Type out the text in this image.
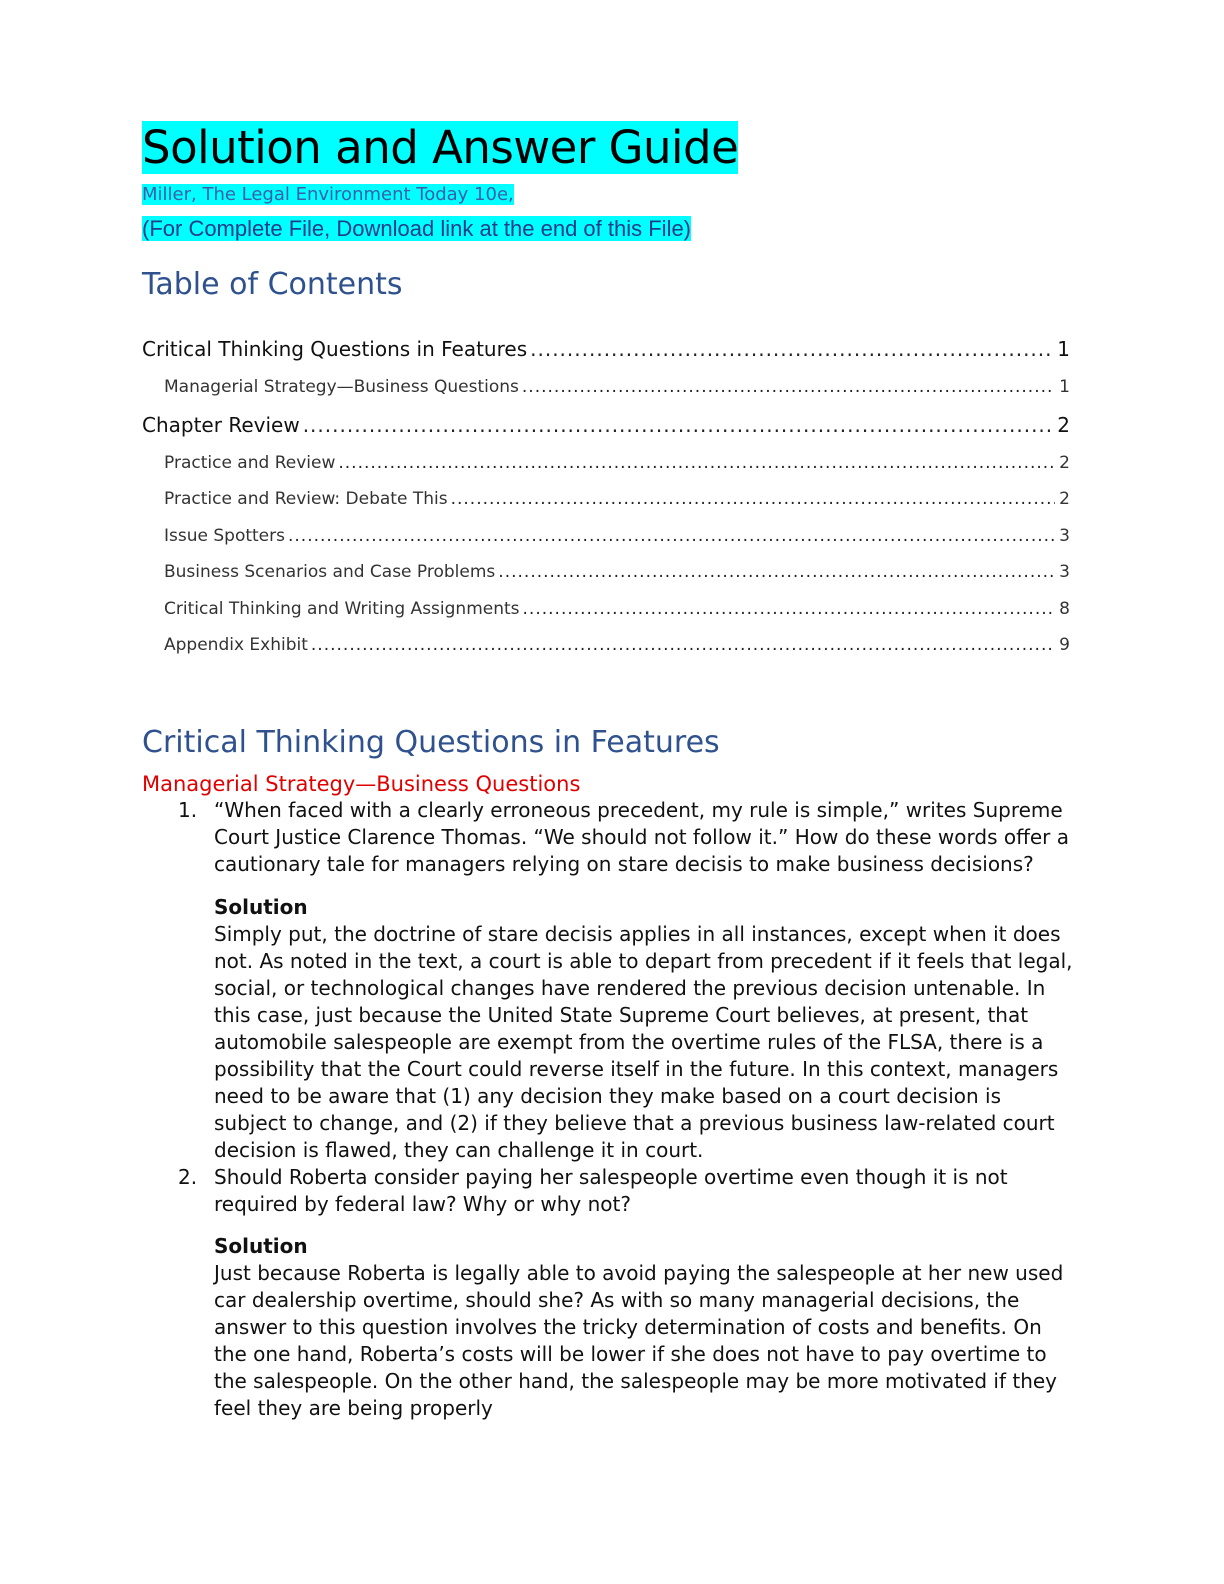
Solution and Answer Guide
Miller, The Legal Environment Today 10e,
(For Complete File, Download link at the end of this File)
Table of Contents
Critical Thinking Questions in Features .....	1
Managerial Strategy—Business Questions .....	1
Chapter Review .....	2
Practice and Review .....	2
Practice and Review: Debate This .....	2
Issue Spotters .....	3
Business Scenarios and Case Problems .....	3
Critical Thinking and Writing Assignments .....	8
Appendix Exhibit .....	9
Critical Thinking Questions in Features
Managerial Strategy—Business Questions
1. “When faced with a clearly erroneous precedent, my rule is simple,” writes Supreme Court Justice Clarence Thomas. “We should not follow it.” How do these words offer a cautionary tale for managers relying on stare decisis to make business decisions?
Solution
Simply put, the doctrine of stare decisis applies in all instances, except when it does not. As noted in the text, a court is able to depart from precedent if it feels that legal, social, or technological changes have rendered the previous decision untenable. In this case, just because the United State Supreme Court believes, at present, that automobile salespeople are exempt from the overtime rules of the FLSA, there is a possibility that the Court could reverse itself in the future. In this context, managers need to be aware that (1) any decision they make based on a court decision is subject to change, and (2) if they believe that a previous business law-related court decision is flawed, they can challenge it in court.
2. Should Roberta consider paying her salespeople overtime even though it is not required by federal law? Why or why not?
Solution
Just because Roberta is legally able to avoid paying the salespeople at her new used car dealership overtime, should she? As with so many managerial decisions, the answer to this question involves the tricky determination of costs and benefits. On the one hand, Roberta’s costs will be lower if she does not have to pay overtime to the salespeople. On the other hand, the salespeople may be more motivated if they feel they are being properly
